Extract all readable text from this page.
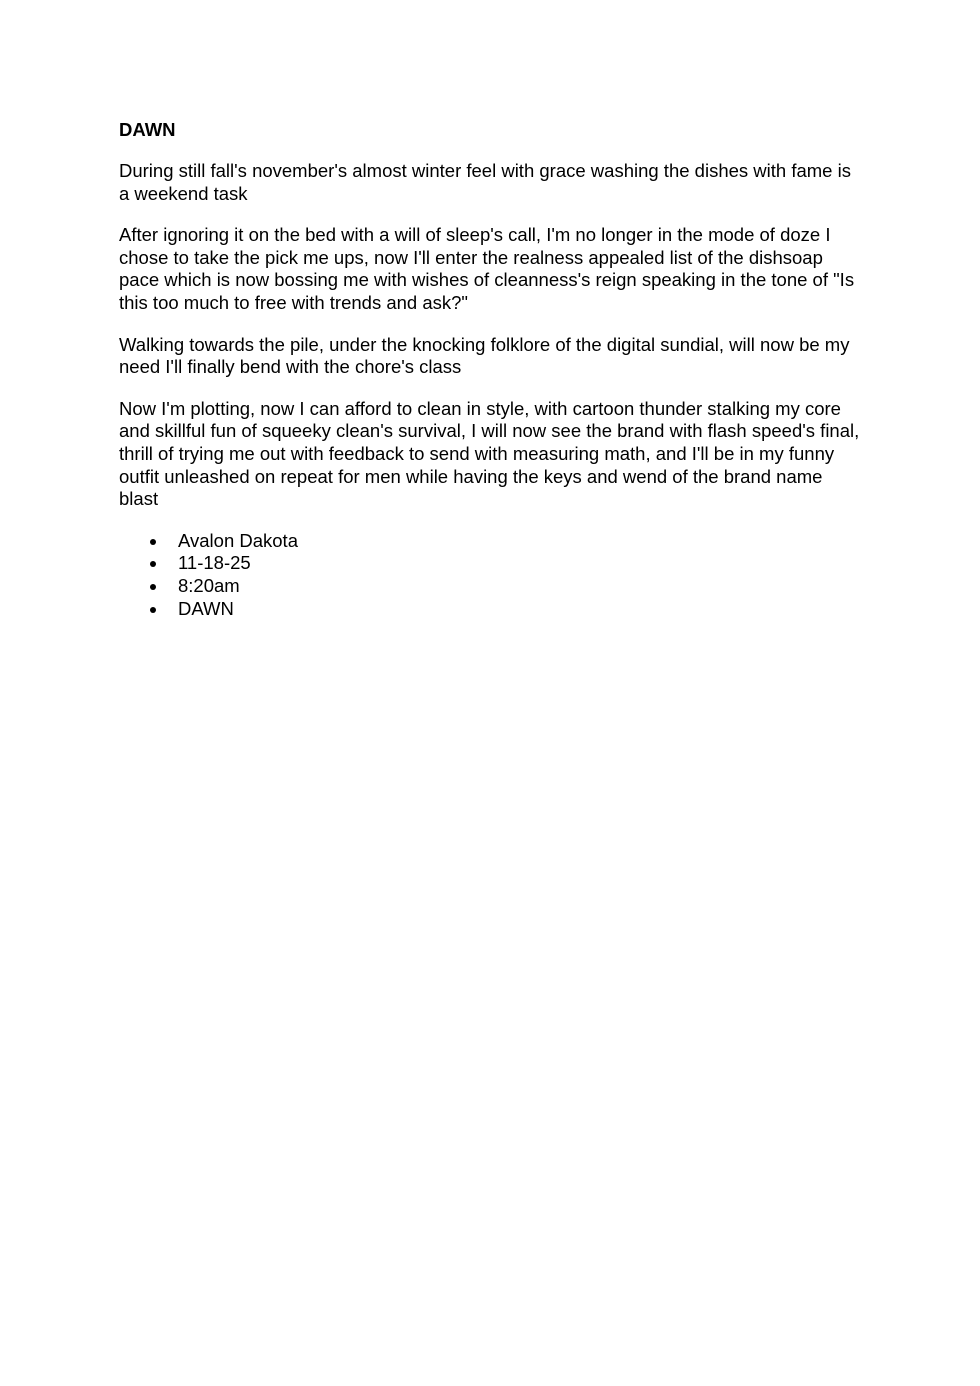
DAWN

During still fall's november's almost winter feel with grace washing the dishes with fame is a weekend task

After ignoring it on the bed with a will of sleep's call, I'm no longer in the mode of doze I chose to take the pick me ups, now I'll enter the realness appealed list of the dishsoap pace which is now bossing me with wishes of cleanness's reign speaking in the tone of "Is this too much to free with trends and ask?"

Walking towards the pile, under the knocking folklore of the digital sundial, will now be my need I'll finally bend with the chore's class

Now I'm plotting, now I can afford to clean in style, with cartoon thunder stalking my core and skillful fun of squeeky clean's survival, I will now see the brand with flash speed's final, thrill of trying me out with feedback to send with measuring math, and I'll be in my funny outfit unleashed on repeat for men while having the keys and wend of the brand name blast

Avalon Dakota
11-18-25
8:20am
DAWN
